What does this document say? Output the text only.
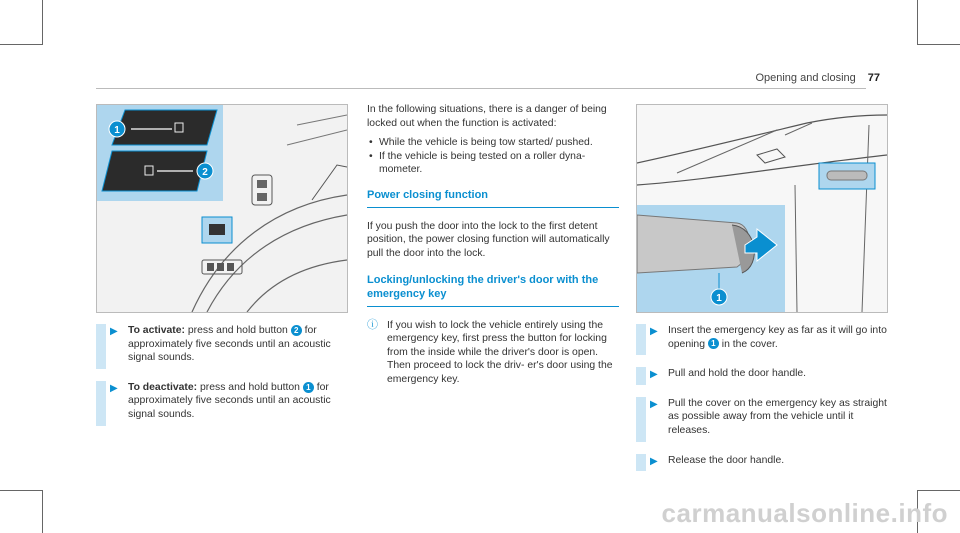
Opening and closing 77
1
2
▶ To activate: press and hold button 2 for approximately five seconds until an acoustic signal sounds.
▶ To deactivate: press and hold button 1 for approximately five seconds until an acoustic signal sounds.

In the following situations, there is a danger of being locked out when the function is activated:

• While the vehicle is being tow started/ pushed.
• If the vehicle is being tested on a roller dyna- mometer.
Power closing function

If you push the door into the lock to the first detent position, the power closing function will automatically pull the door into the lock.

Locking/unlocking the driver's door with the emergency key
ⓘ If you wish to lock the vehicle entirely using the emergency key, first press the button for locking from the inside while the driver's door is open. Then proceed to lock the driv- er's door using the emergency key.
1
▶ Insert the emergency key as far as it will go into opening 1 in the cover.
▶ Pull and hold the door handle.
▶ Pull the cover on the emergency key as straight as possible away from the vehicle until it releases.
▶ Release the door handle.
carmanualsonline.info
